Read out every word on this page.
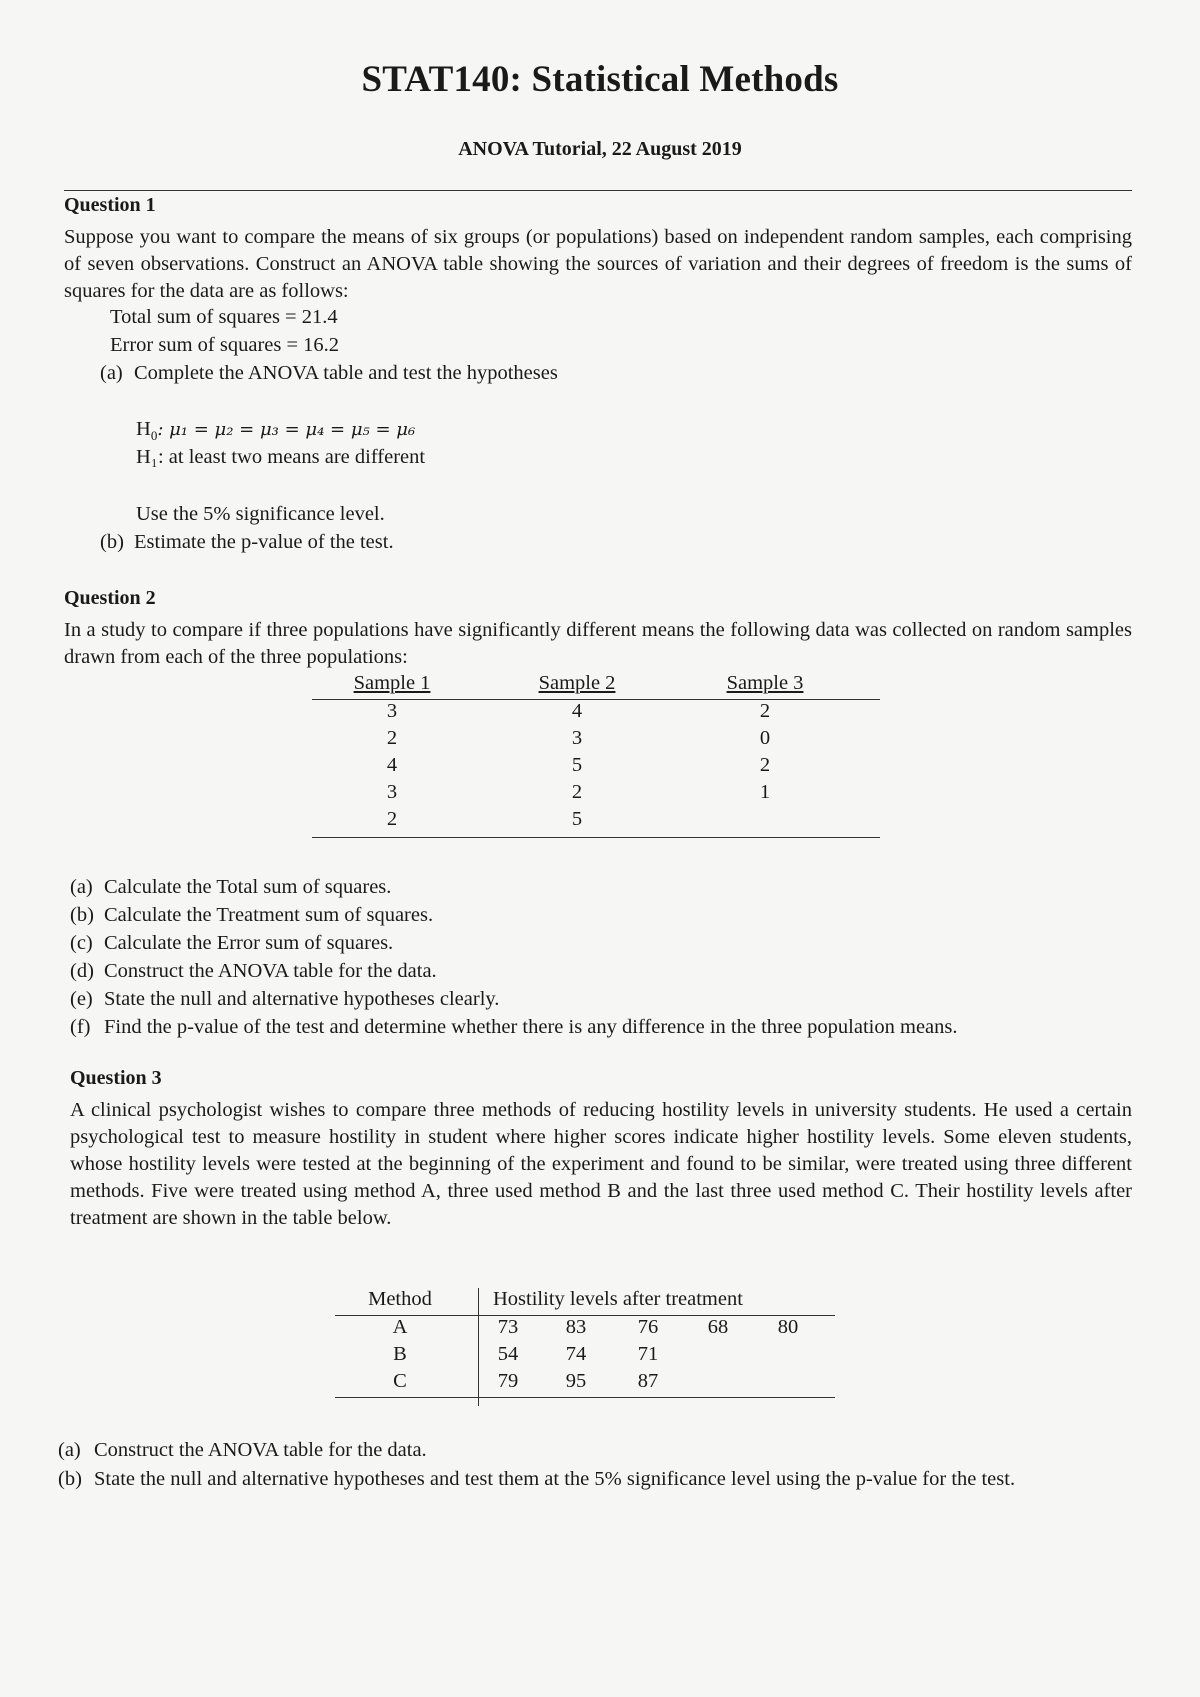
STAT140: Statistical Methods
ANOVA Tutorial, 22 August 2019
Question 1
Suppose you want to compare the means of six groups (or populations) based on independent random samples, each comprising of seven observations. Construct an ANOVA table showing the sources of variation and their degrees of freedom is the sums of squares for the data are as follows:
Total sum of squares = 21.4
Error sum of squares = 16.2
(a) Complete the ANOVA table and test the hypotheses
$H_0$: μ₁ = μ₂ = μ₃ = μ₄ = μ₅ = μ₆
H₁: at least two means are different
Use the 5% significance level.
(b) Estimate the p-value of the test.
Question 2
In a study to compare if three populations have significantly different means the following data was collected on random samples drawn from each of the three populations:
Sample 1	Sample 2	Sample 3
3	4	2
2	3	0
4	5	2
3	2	1
2	5
(a) Calculate the Total sum of squares.
(b) Calculate the Treatment sum of squares.
(c) Calculate the Error sum of squares.
(d) Construct the ANOVA table for the data.
(e) State the null and alternative hypotheses clearly.
(f) Find the p-value of the test and determine whether there is any difference in the three population means.
Question 3
A clinical psychologist wishes to compare three methods of reducing hostility levels in university students. He used a certain psychological test to measure hostility in student where higher scores indicate higher hostility levels. Some eleven students, whose hostility levels were tested at the beginning of the experiment and found to be similar, were treated using three different methods. Five were treated using method A, three used method B and the last three used method C. Their hostility levels after treatment are shown in the table below.
Method	Hostility levels after treatment
A	73	83	76	68	80
B	54	74	71
C	79	95	87
(a) Construct the ANOVA table for the data.
(b) State the null and alternative hypotheses and test them at the 5% significance level using the p-value for the test.
